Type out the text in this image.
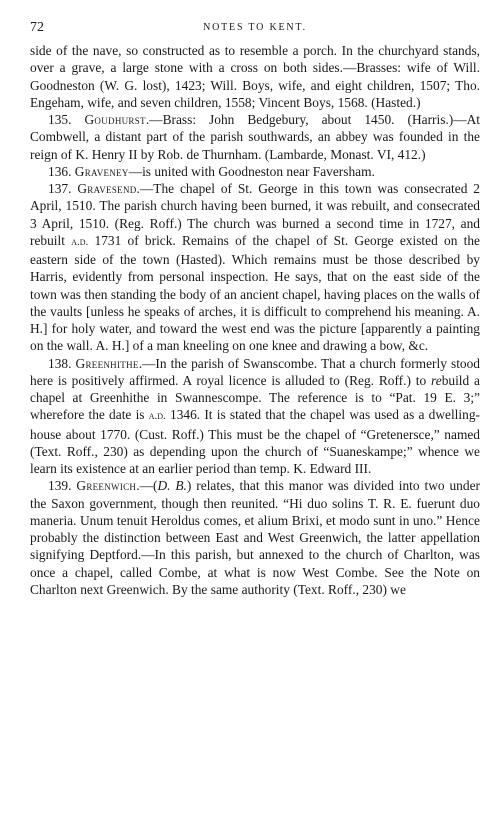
72	NOTES TO KENT.

side of the nave, so constructed as to resemble a porch. In the churchyard stands, over a grave, a large stone with a cross on both sides.—Brasses: wife of Will. Goodneston (W. G. lost), 1423; Will. Boys, wife, and eight children, 1507; Tho. Engeham, wife, and seven children, 1558; Vincent Boys, 1568. (Hasted.)

135. Goudhurst.—Brass: John Bedgebury, about 1450. (Harris.)—At Combwell, a distant part of the parish southwards, an abbey was founded in the reign of K. Henry II by Rob. de Thurnham. (Lambarde, Monast. VI, 412.)

136. Graveney—is united with Goodneston near Faversham.

137. Gravesend.—The chapel of St. George in this town was consecrated 2 April, 1510. The parish church having been burned, it was rebuilt, and consecrated 3 April, 1510. (Reg. Roff.) The church was burned a second time in 1727, and rebuilt a.d. 1731 of brick. Remains of the chapel of St. George existed on the eastern side of the town (Hasted). Which remains must be those described by Harris, evidently from personal inspection. He says, that on the east side of the town was then standing the body of an ancient chapel, having places on the walls of the vaults [unless he speaks of arches, it is difficult to comprehend his meaning. A. H.] for holy water, and toward the west end was the picture [apparently a painting on the wall. A. H.] of a man kneeling on one knee and drawing a bow, &c.

138. Greenhithe.—In the parish of Swanscombe. That a church formerly stood here is positively affirmed. A royal licence is alluded to (Reg. Roff.) to rebuild a chapel at Greenhithe in Swannescompe. The reference is to “Pat. 19 E. 3;” wherefore the date is a.d. 1346. It is stated that the chapel was used as a dwelling-house about 1770. (Cust. Roff.) This must be the chapel of “Gretenersce,” named (Text. Roff., 230) as depending upon the church of “Suaneskampe;” whence we learn its existence at an earlier period than temp. K. Edward III.

139. Greenwich.—(D. B.) relates, that this manor was divided into two under the Saxon government, though then reunited. “Hi duo solins T. R. E. fuerunt duo maneria. Unum tenuit Heroldus comes, et alium Brixi, et modo sunt in uno.” Hence probably the distinction between East and West Greenwich, the latter appellation signifying Deptford.—In this parish, but annexed to the church of Charlton, was once a chapel, called Combe, at what is now West Combe. See the Note on Charlton next Greenwich. By the same authority (Text. Roff., 230) we
